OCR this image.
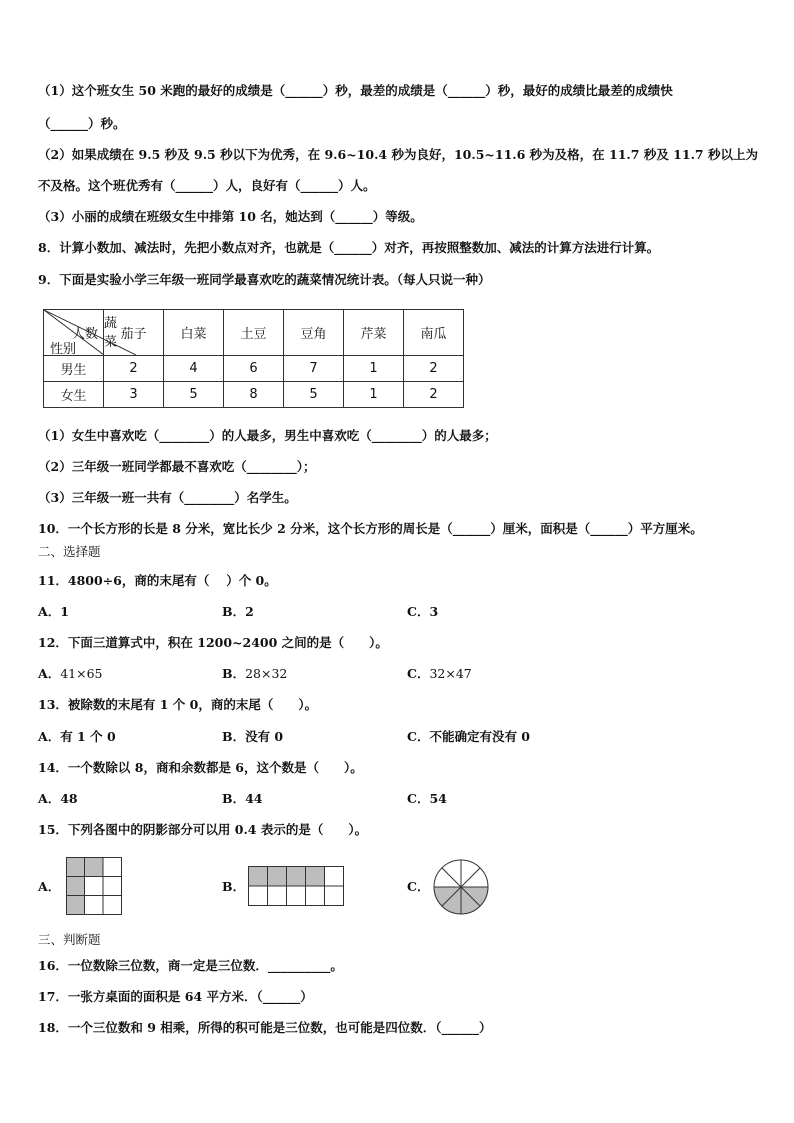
（1）这个班女生 50 米跑的最好的成绩是（______）秒，最差的成绩是（______）秒，最好的成绩比最差的成绩快
（______）秒。
（2）如果成绩在 9.5 秒及 9.5 秒以下为优秀，在 9.6~10.4 秒为良好，10.5~11.6 秒为及格，在 11.7 秒及 11.7 秒以上为
不及格。这个班优秀有（______）人，良好有（______）人。
（3）小丽的成绩在班级女生中排第 10 名，她达到（______）等级。
8．计算小数加、减法时，先把小数点对齐，也就是（______）对齐，再按照整数加、减法的计算方法进行计算。
9．下面是实验小学三年级一班同学最喜欢吃的蔬菜情况统计表。（每人只说一种）
蔬菜
人数
性别	茄子	白菜	土豆	豆角	芹菜	南瓜
男生	2	4	6	7	1	2
女生	3	5	8	5	1	2
（1）女生中喜欢吃（________）的人最多，男生中喜欢吃（________）的人最多；
（2）三年级一班同学都最不喜欢吃（________）；
（3）三年级一班一共有（________）名学生。
10．一个长方形的长是 8 分米，宽比长少 2 分米，这个长方形的周长是（______）厘米，面积是（______）平方厘米。
二、选择题
11．4800÷6，商的末尾有（　 ）个 0。
A．1	B．2	C．3
12．下面三道算式中，积在 1200~2400 之间的是（　　）。
A．41×65	B．28×32	C．32×47
13．被除数的末尾有 1 个 0，商的末尾（　　）。
A．有 1 个 0	B．没有 0	C．不能确定有没有 0
14．一个数除以 8，商和余数都是 6，这个数是（　　）。
A．48	B．44	C．54
15．下列各图中的阴影部分可以用 0.4 表示的是（　　）。
A．	B．	C．
三、判断题
16．一位数除三位数，商一定是三位数．__________。
17．一张方桌面的面积是 64 平方米．（______）
18．一个三位数和 9 相乘，所得的积可能是三位数，也可能是四位数．（______）
